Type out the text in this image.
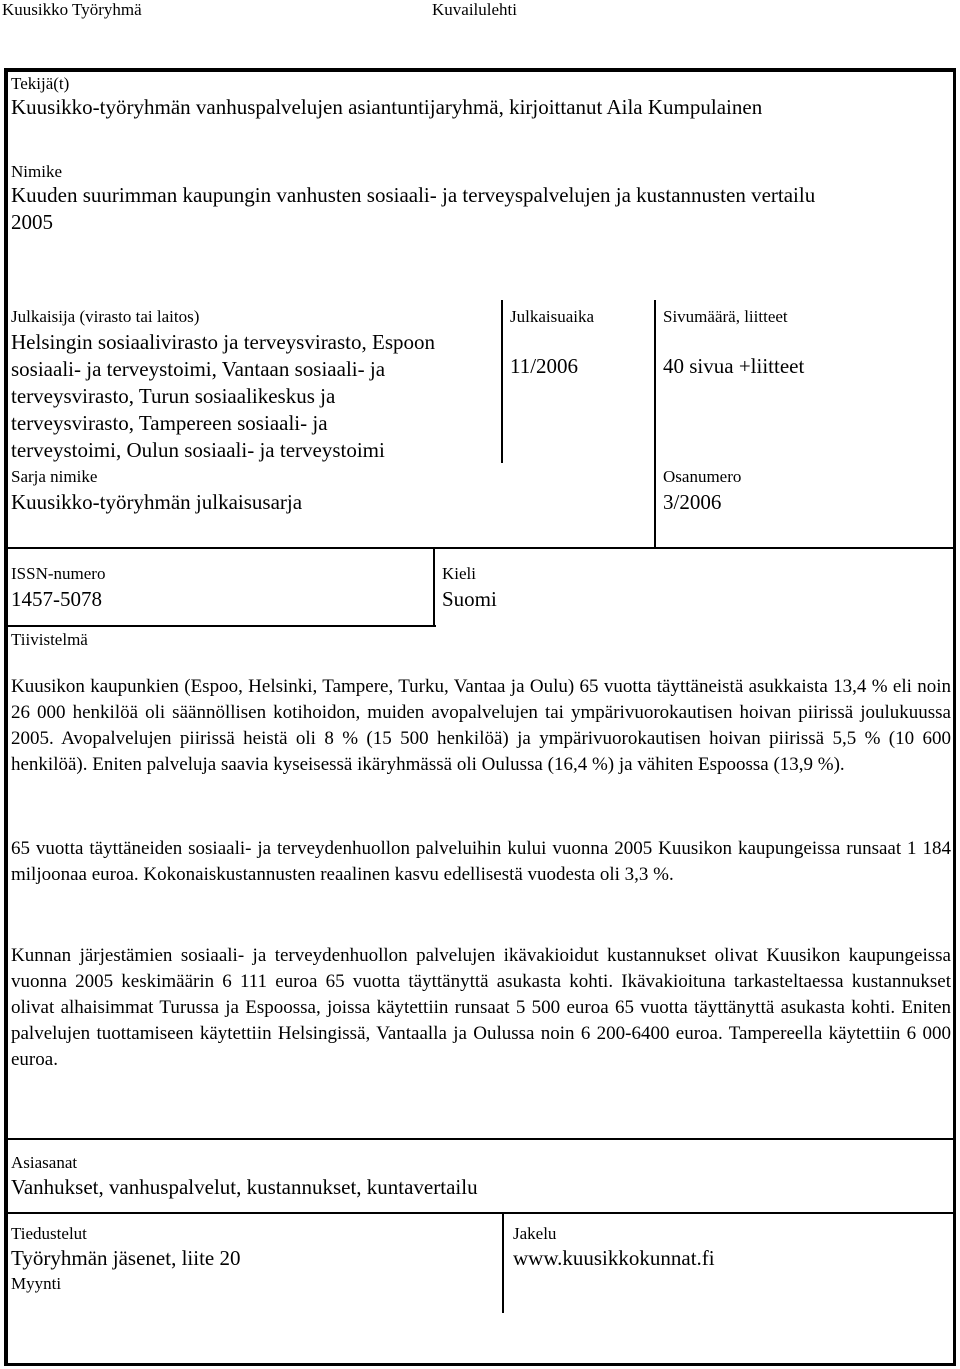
Kuusikko Työryhmä	Kuvailulehti
Tekijä(t)
Kuusikko-työryhmän vanhuspalvelujen asiantuntijaryhmä, kirjoittanut Aila Kumpulainen
Nimike
Kuuden suurimman kaupungin vanhusten sosiaali- ja terveyspalvelujen ja kustannusten vertailu
2005
Julkaisija (virasto tai laitos)
Helsingin sosiaalivirasto ja terveysvirasto, Espoon
sosiaali- ja terveystoimi, Vantaan sosiaali- ja
terveysvirasto, Turun sosiaalikeskus ja
terveysvirasto, Tampereen sosiaali- ja
terveystoimi, Oulun sosiaali- ja terveystoimi
Julkaisuaika
11/2006
Sivumäärä, liitteet
40 sivua +liitteet
Sarja nimike
Kuusikko-työryhmän julkaisusarja
Osanumero
3/2006
ISSN-numero
1457-5078
Kieli
Suomi
Tiivistelmä
Kuusikon kaupunkien (Espoo, Helsinki, Tampere, Turku, Vantaa ja Oulu) 65 vuotta täyttäneistä asukkaista 13,4 % eli noin 26 000 henkilöä oli säännöllisen kotihoidon, muiden avopalvelujen tai ympärivuorokautisen hoivan piirissä joulukuussa 2005. Avopalvelujen piirissä heistä oli 8 % (15 500 henkilöä) ja ympärivuorokautisen hoivan piirissä 5,5 % (10 600 henkilöä). Eniten palveluja saavia kyseisessä ikäryhmässä oli Oulussa (16,4 %) ja vähiten Espoossa (13,9 %).
65 vuotta täyttäneiden sosiaali- ja terveydenhuollon palveluihin kului vuonna 2005 Kuusikon kaupungeissa runsaat 1 184 miljoonaa euroa. Kokonaiskustannusten reaalinen kasvu edellisestä vuodesta oli 3,3 %.
Kunnan järjestämien sosiaali- ja terveydenhuollon palvelujen ikävakioidut kustannukset olivat Kuusikon kaupungeissa vuonna 2005 keskimäärin 6 111 euroa 65 vuotta täyttänyttä asukasta kohti. Ikävakioituna tarkasteltaessa kustannukset olivat alhaisimmat Turussa ja Espoossa, joissa käytettiin runsaat 5 500 euroa 65 vuotta täyttänyttä asukasta kohti. Eniten palvelujen tuottamiseen käytettiin Helsingissä, Vantaalla ja Oulussa noin 6 200-6400 euroa. Tampereella käytettiin 6 000 euroa.
Asiasanat
Vanhukset, vanhuspalvelut, kustannukset, kuntavertailu
Tiedustelut
Työryhmän jäsenet, liite 20
Jakelu
www.kuusikkokunnat.fi
Myynti
